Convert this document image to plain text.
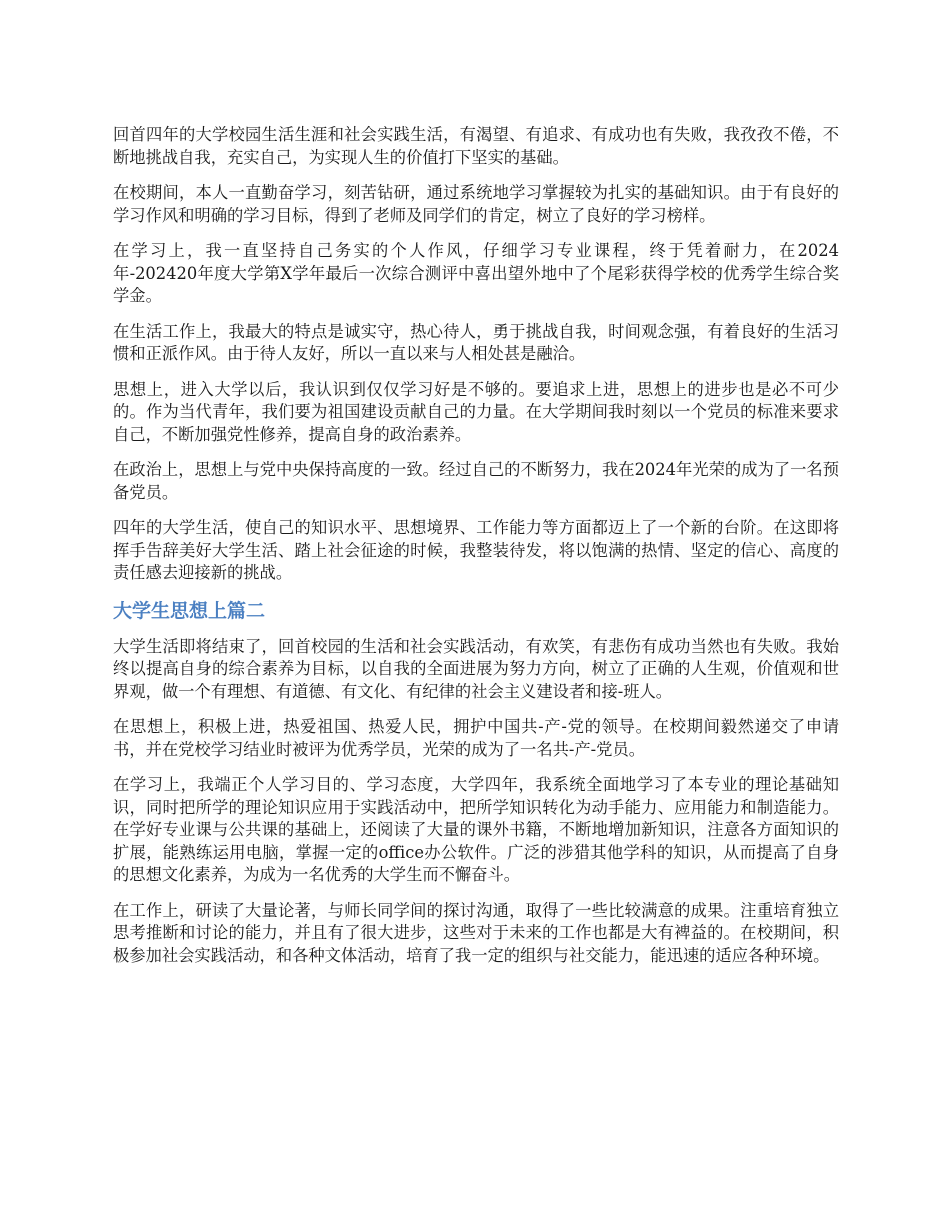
回首四年的大学校园生活生涯和社会实践生活，有渴望、有追求、有成功也有失败，我孜孜不倦，不断地挑战自我，充实自己，为实现人生的价值打下坚实的基础。

在校期间，本人一直勤奋学习，刻苦钻研，通过系统地学习掌握较为扎实的基础知识。由于有良好的学习作风和明确的学习目标，得到了老师及同学们的肯定，树立了良好的学习榜样。

在学习上，我一直坚持自己务实的个人作风，仔细学习专业课程，终于凭着耐力，在2024年-202420年度大学第X学年最后一次综合测评中喜出望外地中了个尾彩获得学校的优秀学生综合奖学金。

在生活工作上，我最大的特点是诚实守，热心待人，勇于挑战自我，时间观念强，有着良好的生活习惯和正派作风。由于待人友好，所以一直以来与人相处甚是融洽。

思想上，进入大学以后，我认识到仅仅学习好是不够的。要追求上进，思想上的进步也是必不可少的。作为当代青年，我们要为祖国建设贡献自己的力量。在大学期间我时刻以一个党员的标准来要求自己，不断加强党性修养，提高自身的政治素养。

在政治上，思想上与党中央保持高度的一致。经过自己的不断努力，我在2024年光荣的成为了一名预备党员。

四年的大学生活，使自己的知识水平、思想境界、工作能力等方面都迈上了一个新的台阶。在这即将挥手告辞美好大学生活、踏上社会征途的时候，我整装待发，将以饱满的热情、坚定的信心、高度的责任感去迎接新的挑战。

大学生思想上篇二

大学生活即将结束了，回首校园的生活和社会实践活动，有欢笑，有悲伤有成功当然也有失败。我始终以提高自身的综合素养为目标，以自我的全面进展为努力方向，树立了正确的人生观，价值观和世界观，做一个有理想、有道德、有文化、有纪律的社会主义建设者和接-班人。

在思想上，积极上进，热爱祖国、热爱人民，拥护中国共-产-党的领导。在校期间毅然递交了申请书，并在党校学习结业时被评为优秀学员，光荣的成为了一名共-产-党员。

在学习上，我端正个人学习目的、学习态度，大学四年，我系统全面地学习了本专业的理论基础知识，同时把所学的理论知识应用于实践活动中，把所学知识转化为动手能力、应用能力和制造能力。在学好专业课与公共课的基础上，还阅读了大量的课外书籍，不断地增加新知识，注意各方面知识的扩展，能熟练运用电脑，掌握一定的office办公软件。广泛的涉猎其他学科的知识，从而提高了自身的思想文化素养，为成为一名优秀的大学生而不懈奋斗。

在工作上，研读了大量论著，与师长同学间的探讨沟通，取得了一些比较满意的成果。注重培育独立思考推断和讨论的能力，并且有了很大进步，这些对于未来的工作也都是大有裨益的。在校期间，积极参加社会实践活动，和各种文体活动，培育了我一定的组织与社交能力，能迅速的适应各种环境。
